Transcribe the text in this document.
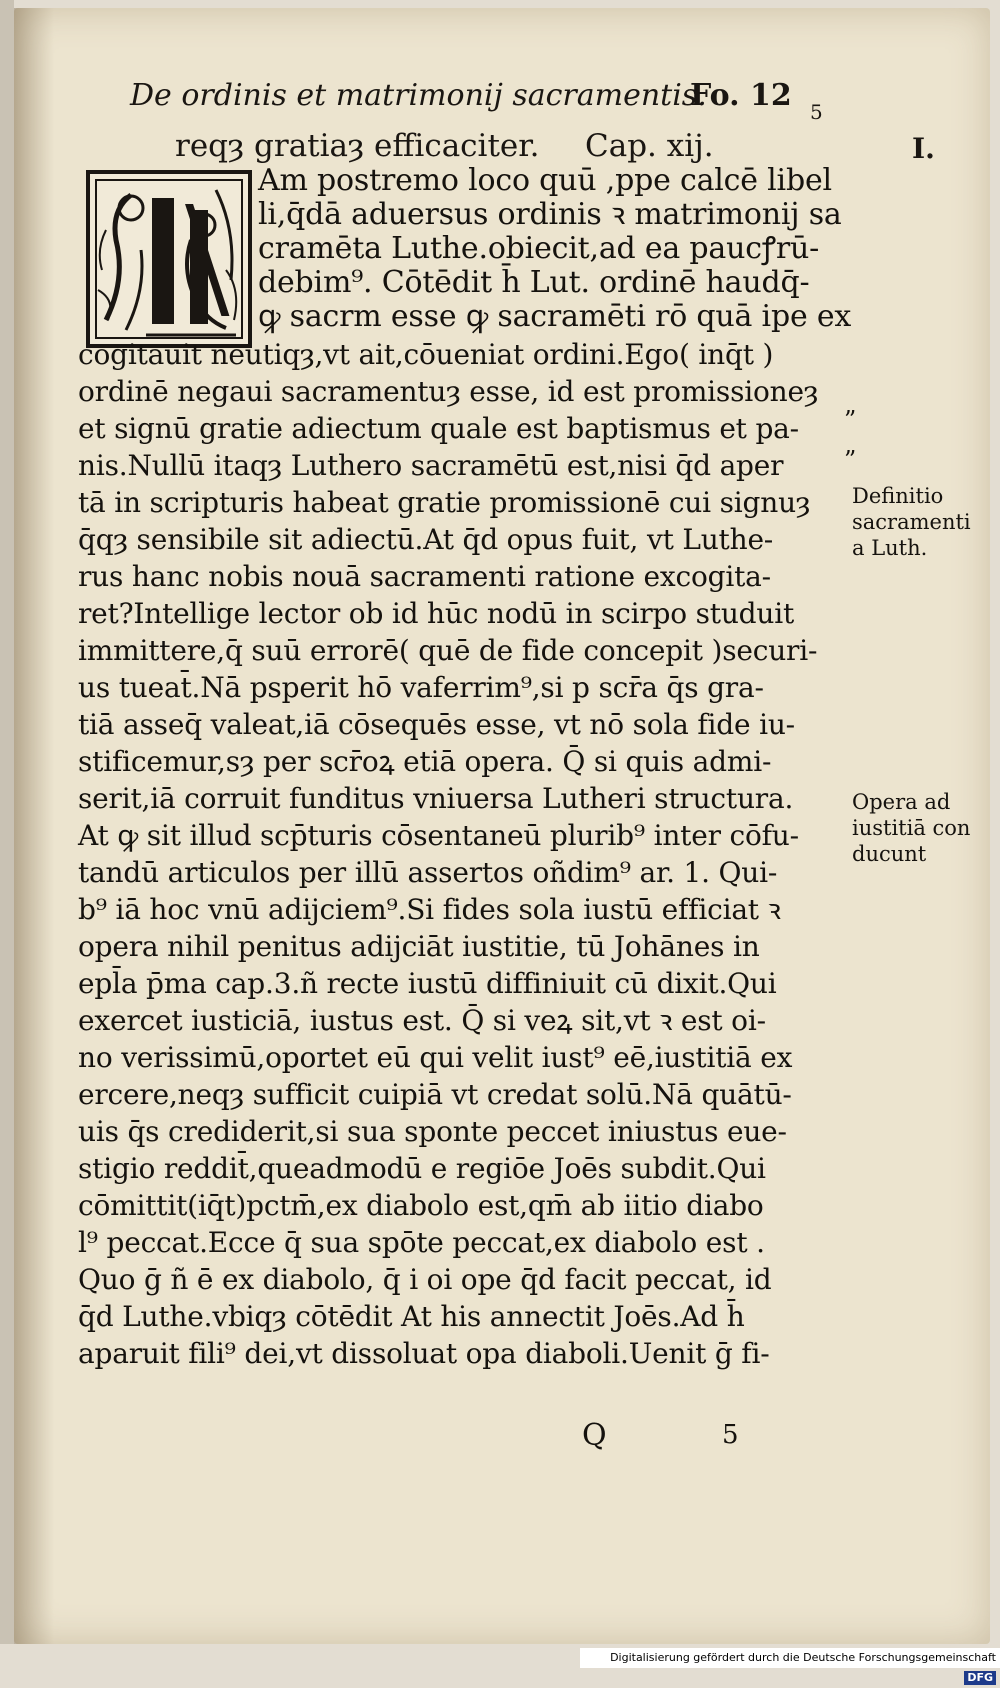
De ordinis et matrimonij sacramentis.
Fo. 12 5
reqȝ gratiaȝ efficaciter. Cap. xij.	I.
Am postremo loco quū ,ppe calcē libel
li,q̄dā aduersus ordinis ꝛ matrimonij sa
cramēta Luthe.obiecit,ad ea paucꝭrū-
debim⁹. Cōtēdit h̄ Lut. ordinē haudq̄-
ꝙ sacrm esse ꝙ sacramēti rō quā ipe ex
cogitauit neutiqȝ,vt ait,cōueniat ordini.Ego( inq̄t )
ordinē negaui sacramentuȝ esse, id est promissioneȝ
et signū gratie adiectum quale est baptismus et pa-
nis.Nullū itaqȝ Luthero sacramētū est,nisi q̄d aper
tā in scripturis habeat gratie promissionē cui signuȝ
q̄qȝ sensibile sit adiectū.At q̄d opus fuit, vt Luthe-
rus hanc nobis nouā sacramenti ratione excogita-
ret?Intellige lector ob id hūc nodū in scirpo studuit
immittere,q̄ suū errorē( quē de fide concepit )securi-
us tueat̄.Nā psperit hō vaferrim⁹,si p scr̄a q̄s gra-
tiā asseq̄ valeat,iā cōsequēs esse, vt nō sola fide iu-
stificemur,sȝ per scr̄oꝝ etiā opera. Q̄ si quis admi-
serit,iā corruit funditus vniuersa Lutheri structura.
At ꝙ sit illud scp̄turis cōsentaneū plurib⁹ inter cōfu-
tandū articulos per illū assertos oñdim⁹ ar. 1. Qui-
b⁹ iā hoc vnū adijciem⁹.Si fides sola iustū efficiat ꝛ
opera nihil penitus adijciāt iustitie, tū Johānes in
epl̄a p̄ma cap.3.ñ recte iustū diffiniuit cū dixit.Qui
exercet iusticiā, iustus est. Q̄ si veꝝ sit,vt ꝛ est oi-
no verissimū,oportet eū qui velit iust⁹ eē,iustitiā ex
ercere,neqȝ sufficit cuipiā vt credat solū.Nā quātū-
uis q̄s crediderit,si sua sponte peccet iniustus eue-
stigio reddit̄,queadmodū e regiōe Joēs subdit.Qui
cōmittit(iq̄t)pctm̄,ex diabolo est,qm̄ ab iitio diabo
l⁹ peccat.Ecce q̄ sua spōte peccat,ex diabolo est .
Quo ḡ ñ ē ex diabolo, q̄ i oi ope q̄d facit peccat, id
q̄d Luthe.vbiqȝ cōtēdit At his annectit Joēs.Ad h̄
aparuit fili⁹ dei,vt dissoluat opa diaboli.Uenit ḡ fi-
”
”
Definitio
sacramenti
a Luth.
Opera ad
iustitiā con
ducunt
Q	5
Digitalisierung gefördert durch die Deutsche Forschungsgemeinschaft DFG
